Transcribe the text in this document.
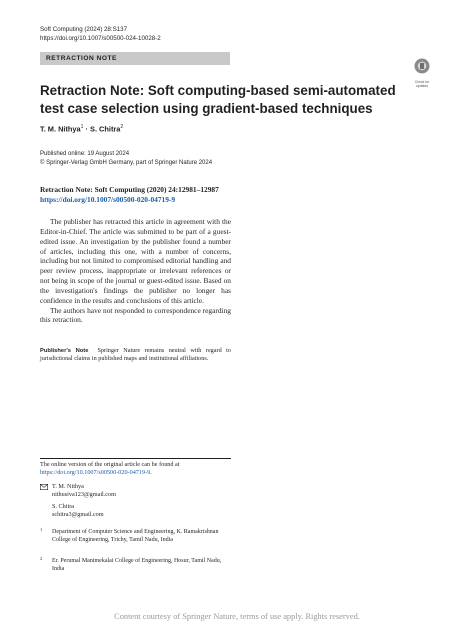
Soft Computing (2024) 28:S137
https://doi.org/10.1007/s00500-024-10028-2
RETRACTION NOTE
Check for updates
Retraction Note: Soft computing-based semi-automated test case selection using gradient-based techniques
T. M. Nithya$^1$ · S. Chitra$^2$
Published online: 19 August 2024
© Springer-Verlag GmbH Germany, part of Springer Nature 2024
Retraction Note: Soft Computing (2020) 24:12981–12987
https://doi.org/10.1007/s00500-020-04719-9

The publisher has retracted this article in agreement with the Editor-in-Chief. The article was submitted to be part of a guest-edited issue. An investigation by the publisher found a number of articles, including this one, with a number of concerns, including but not limited to compromised editorial handling and peer review process, inappropriate or irrelevant references or not being in scope of the journal or guest-edited issue. Based on the investigation's findings the publisher no longer has confidence in the results and conclusions of this article.

The authors have not responded to correspondence regarding this retraction.

Publisher's Note Springer Nature remains neutral with regard to jurisdictional claims in published maps and institutional affiliations.
The online version of the original article can be found at https://doi.org/10.1007/s00500-020-04719-9.
T. M. Nithya
nithusiva123@gmail.com
S. Chitra
schitra3@gmail.com
1 Department of Computer Science and Engineering, K. Ramakrishnan College of Engineering, Trichy, Tamil Nadu, India
2 Er. Perumal Manimekalai College of Engineering, Hosur, Tamil Nadu, India
Content courtesy of Springer Nature, terms of use apply. Rights reserved.
